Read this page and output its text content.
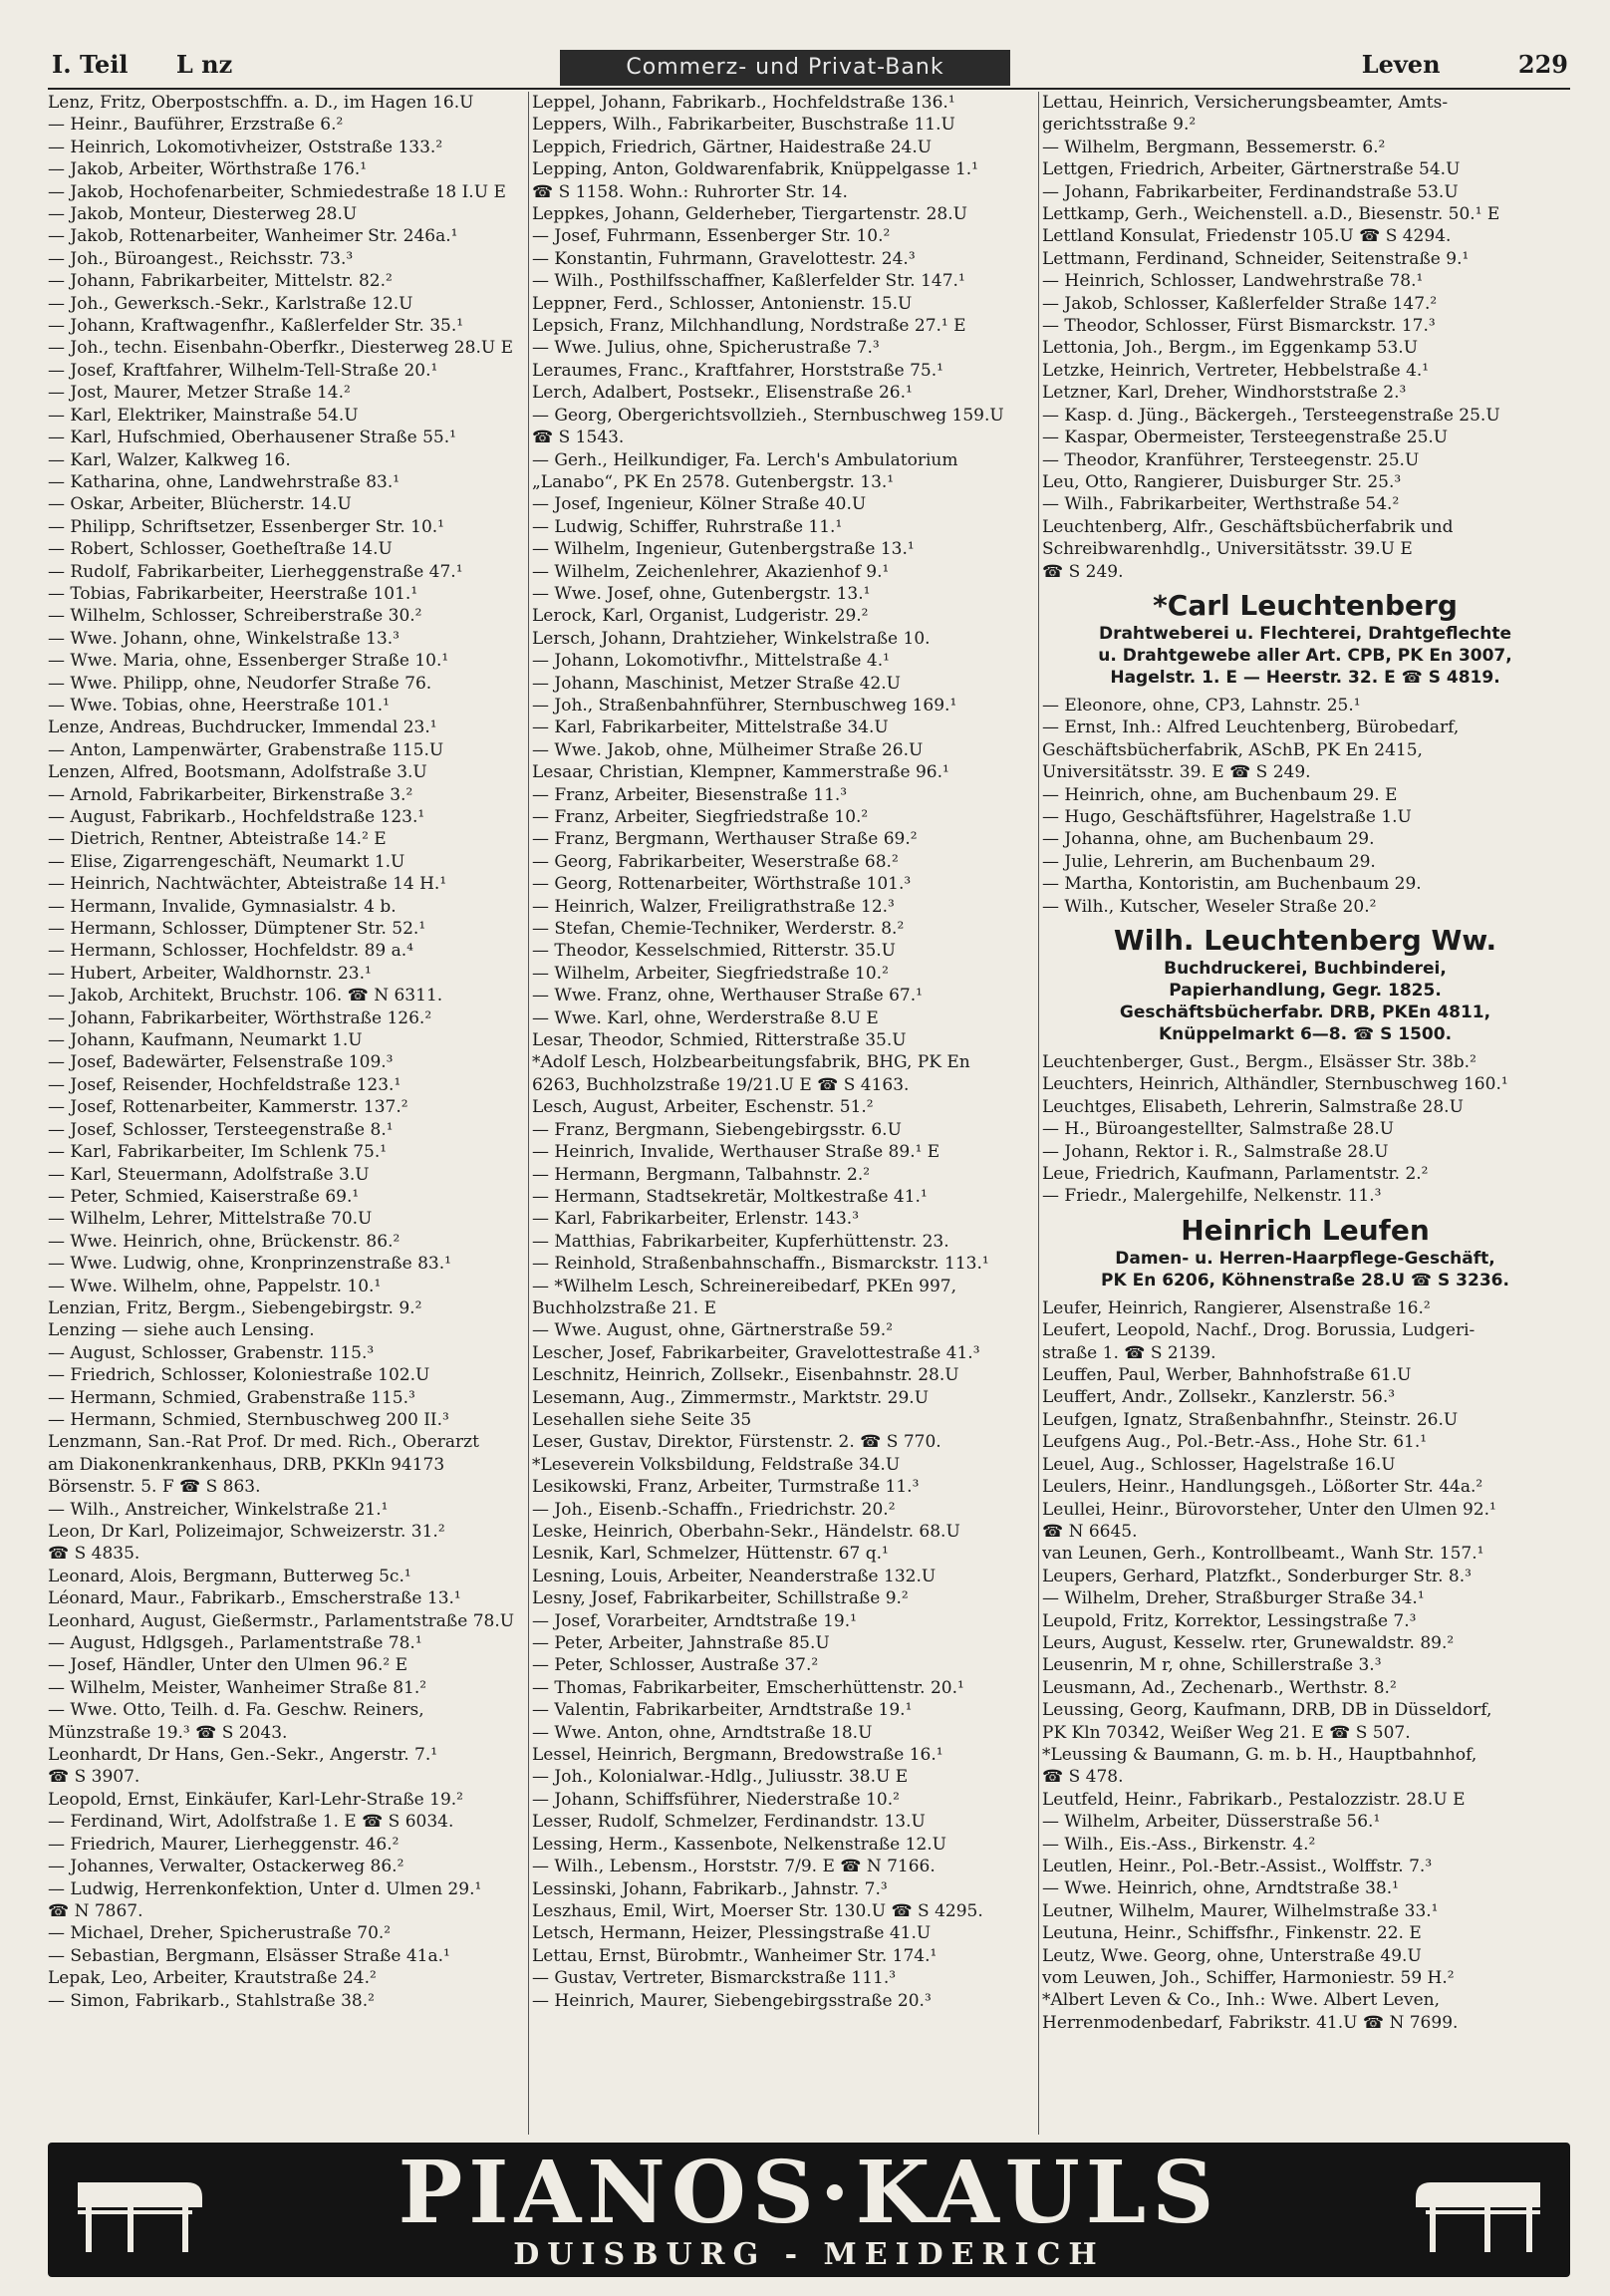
I. Teil L nz	Commerz- und Privat-Bank	Leven	229
Lenz, Fritz, Oberpostschffn. a. D., im Hagen 16.U
— Heinr., Bauführer, Erzstraße 6.²
— Heinrich, Lokomotivheizer, Oststraße 133.²
— Jakob, Arbeiter, Wörthstraße 176.¹
— Jakob, Hochofenarbeiter, Schmiedestraße 18 I.U E
— Jakob, Monteur, Diesterweg 28.U
— Jakob, Rottenarbeiter, Wanheimer Str. 246a.¹
— Joh., Büroangest., Reichsstr. 73.³
— Johann, Fabrikarbeiter, Mittelstr. 82.²
— Joh., Gewerksch.-Sekr., Karlstraße 12.U
— Johann, Kraftwagenfhr., Kaßlerfelder Str. 35.¹
— Joh., techn. Eisenbahn-Oberfkr., Diesterweg 28.U E
— Josef, Kraftfahrer, Wilhelm-Tell-Straße 20.¹
— Jost, Maurer, Metzer Straße 14.²
— Karl, Elektriker, Mainstraße 54.U
— Karl, Hufschmied, Oberhausener Straße 55.¹
— Karl, Walzer, Kalkweg 16.
— Katharina, ohne, Landwehrstraße 83.¹
— Oskar, Arbeiter, Blücherstr. 14.U
— Philipp, Schriftsetzer, Essenberger Str. 10.¹
— Robert, Schlosser, Goetheſtraße 14.U
— Rudolf, Fabrikarbeiter, Lierheggenstraße 47.¹
— Tobias, Fabrikarbeiter, Heerstraße 101.¹
— Wilhelm, Schlosser, Schreiberstraße 30.²
— Wwe. Johann, ohne, Winkelstraße 13.³
— Wwe. Maria, ohne, Essenberger Straße 10.¹
— Wwe. Philipp, ohne, Neudorfer Straße 76.
— Wwe. Tobias, ohne, Heerstraße 101.¹
Lenze, Andreas, Buchdrucker, Immendal 23.¹
— Anton, Lampenwärter, Grabenstraße 115.U
Lenzen, Alfred, Bootsmann, Adolfstraße 3.U
— Arnold, Fabrikarbeiter, Birkenstraße 3.²
— August, Fabrikarb., Hochfeldstraße 123.¹
— Dietrich, Rentner, Abteistraße 14.² E
— Elise, Zigarrengeschäft, Neumarkt 1.U
— Heinrich, Nachtwächter, Abteistraße 14 H.¹
— Hermann, Invalide, Gymnasialstr. 4 b.
— Hermann, Schlosser, Dümptener Str. 52.¹
— Hermann, Schlosser, Hochfeldstr. 89 a.⁴
— Hubert, Arbeiter, Waldhornstr. 23.¹
— Jakob, Architekt, Bruchstr. 106. ☎ N 6311.
— Johann, Fabrikarbeiter, Wörthstraße 126.²
— Johann, Kaufmann, Neumarkt 1.U
— Josef, Badewärter, Felsenstraße 109.³
— Josef, Reisender, Hochfeldstraße 123.¹
— Josef, Rottenarbeiter, Kammerstr. 137.²
— Josef, Schlosser, Tersteegenstraße 8.¹
— Karl, Fabrikarbeiter, Im Schlenk 75.¹
— Karl, Steuermann, Adolfstraße 3.U
— Peter, Schmied, Kaiserstraße 69.¹
— Wilhelm, Lehrer, Mittelstraße 70.U
— Wwe. Heinrich, ohne, Brückenstr. 86.²
— Wwe. Ludwig, ohne, Kronprinzenstraße 83.¹
— Wwe. Wilhelm, ohne, Pappelstr. 10.¹
Lenzian, Fritz, Bergm., Siebengebirgstr. 9.²
Lenzing — siehe auch Lensing.
— August, Schlosser, Grabenstr. 115.³
— Friedrich, Schlosser, Koloniestraße 102.U
— Hermann, Schmied, Grabenstraße 115.³
— Hermann, Schmied, Sternbuschweg 200 II.³
Lenzmann, San.-Rat Prof. Dr med. Rich., Oberarzt
am Diakonenkrankenhaus, DRB, PKKln 94173
Börsenstr. 5. F ☎ S 863.
— Wilh., Anstreicher, Winkelstraße 21.¹
Leon, Dr Karl, Polizeimajor, Schweizerstr. 31.²
☎ S 4835.
Leonard, Alois, Bergmann, Butterweg 5c.¹
Léonard, Maur., Fabrikarb., Emscherstraße 13.¹
Leonhard, August, Gießermstr., Parlamentstraße 78.U
— August, Hdlgsgeh., Parlamentstraße 78.¹
— Josef, Händler, Unter den Ulmen 96.² E
— Wilhelm, Meister, Wanheimer Straße 81.²
— Wwe. Otto, Teilh. d. Fa. Geschw. Reiners,
Münzstraße 19.³ ☎ S 2043.
Leonhardt, Dr Hans, Gen.-Sekr., Angerstr. 7.¹
☎ S 3907.
Leopold, Ernst, Einkäufer, Karl-Lehr-Straße 19.²
— Ferdinand, Wirt, Adolfstraße 1. E ☎ S 6034.
— Friedrich, Maurer, Lierheggenstr. 46.²
— Johannes, Verwalter, Ostackerweg 86.²
— Ludwig, Herrenkonfektion, Unter d. Ulmen 29.¹
☎ N 7867.
— Michael, Dreher, Spicherustraße 70.²
— Sebastian, Bergmann, Elsässer Straße 41a.¹
Lepak, Leo, Arbeiter, Krautstraße 24.²
— Simon, Fabrikarb., Stahlstraße 38.²
Leppel, Johann, Fabrikarb., Hochfeldstraße 136.¹
Leppers, Wilh., Fabrikarbeiter, Buschstraße 11.U
Leppich, Friedrich, Gärtner, Haidestraße 24.U
Lepping, Anton, Goldwarenfabrik, Knüppelgasse 1.¹
☎ S 1158. Wohn.: Ruhrorter Str. 14.
Leppkes, Johann, Gelderheber, Tiergartenstr. 28.U
— Josef, Fuhrmann, Essenberger Str. 10.²
— Konstantin, Fuhrmann, Gravelottestr. 24.³
— Wilh., Posthilfsschaffner, Kaßlerfelder Str. 147.¹
Leppner, Ferd., Schlosser, Antonienstr. 15.U
Lepsich, Franz, Milchhandlung, Nordstraße 27.¹ E
— Wwe. Julius, ohne, Spicherustraße 7.³
Leraumes, Franc., Kraftfahrer, Horststraße 75.¹
Lerch, Adalbert, Postsekr., Elisenstraße 26.¹
— Georg, Obergerichtsvollzieh., Sternbuschweg 159.U
☎ S 1543.
— Gerh., Heilkundiger, Fa. Lerch's Ambulatorium
„Lanabo“, PK En 2578. Gutenbergstr. 13.¹
— Josef, Ingenieur, Kölner Straße 40.U
— Ludwig, Schiffer, Ruhrstraße 11.¹
— Wilhelm, Ingenieur, Gutenbergstraße 13.¹
— Wilhelm, Zeichenlehrer, Akazienhof 9.¹
— Wwe. Josef, ohne, Gutenbergstr. 13.¹
Lerock, Karl, Organist, Ludgeristr. 29.²
Lersch, Johann, Drahtzieher, Winkelstraße 10.
— Johann, Lokomotivfhr., Mittelstraße 4.¹
— Johann, Maschinist, Metzer Straße 42.U
— Joh., Straßenbahnführer, Sternbuschweg 169.¹
— Karl, Fabrikarbeiter, Mittelstraße 34.U
— Wwe. Jakob, ohne, Mülheimer Straße 26.U
Lesaar, Christian, Klempner, Kammerstraße 96.¹
— Franz, Arbeiter, Biesenstraße 11.³
— Franz, Arbeiter, Siegfriedstraße 10.²
— Franz, Bergmann, Werthauser Straße 69.²
— Georg, Fabrikarbeiter, Weserstraße 68.²
— Georg, Rottenarbeiter, Wörthstraße 101.³
— Heinrich, Walzer, Freiligrathstraße 12.³
— Stefan, Chemie-Techniker, Werderstr. 8.²
— Theodor, Kesselschmied, Ritterstr. 35.U
— Wilhelm, Arbeiter, Siegfriedstraße 10.²
— Wwe. Franz, ohne, Werthauser Straße 67.¹
— Wwe. Karl, ohne, Werderstraße 8.U E
Lesar, Theodor, Schmied, Ritterstraße 35.U
*Adolf Lesch, Holzbearbeitungsfabrik, BHG, PK En
6263, Buchholzstraße 19/21.U E ☎ S 4163.
Lesch, August, Arbeiter, Eschenstr. 51.²
— Franz, Bergmann, Siebengebirgsstr. 6.U
— Heinrich, Invalide, Werthauser Straße 89.¹ E
— Hermann, Bergmann, Talbahnstr. 2.²
— Hermann, Stadtsekretär, Moltkestraße 41.¹
— Karl, Fabrikarbeiter, Erlenstr. 143.³
— Matthias, Fabrikarbeiter, Kupferhüttenstr. 23.
— Reinhold, Straßenbahnschaffn., Bismarckstr. 113.¹
— *Wilhelm Lesch, Schreinereibedarf, PKEn 997,
Buchholzstraße 21. E
— Wwe. August, ohne, Gärtnerstraße 59.²
Lescher, Josef, Fabrikarbeiter, Gravelottestraße 41.³
Leschnitz, Heinrich, Zollsekr., Eisenbahnstr. 28.U
Lesemann, Aug., Zimmermstr., Marktstr. 29.U
Lesehallen siehe Seite 35
Leser, Gustav, Direktor, Fürstenstr. 2. ☎ S 770.
*Leseverein Volksbildung, Feldstraße 34.U
Lesikowski, Franz, Arbeiter, Turmstraße 11.³
— Joh., Eisenb.-Schaffn., Friedrichstr. 20.²
Leske, Heinrich, Oberbahn-Sekr., Händelstr. 68.U
Lesnik, Karl, Schmelzer, Hüttenstr. 67 q.¹
Lesning, Louis, Arbeiter, Neanderstraße 132.U
Lesny, Josef, Fabrikarbeiter, Schillstraße 9.²
— Josef, Vorarbeiter, Arndtstraße 19.¹
— Peter, Arbeiter, Jahnstraße 85.U
— Peter, Schlosser, Austraße 37.²
— Thomas, Fabrikarbeiter, Emscherhüttenstr. 20.¹
— Valentin, Fabrikarbeiter, Arndtstraße 19.¹
— Wwe. Anton, ohne, Arndtstraße 18.U
Lessel, Heinrich, Bergmann, Bredowstraße 16.¹
— Joh., Kolonialwar.-Hdlg., Juliusstr. 38.U E
— Johann, Schiffsführer, Niederstraße 10.²
Lesser, Rudolf, Schmelzer, Ferdinandstr. 13.U
Lessing, Herm., Kassenbote, Nelkenstraße 12.U
— Wilh., Lebensm., Horststr. 7/9. E ☎ N 7166.
Lessinski, Johann, Fabrikarb., Jahnstr. 7.³
Leszhaus, Emil, Wirt, Moerser Str. 130.U ☎ S 4295.
Letsch, Hermann, Heizer, Plessingstraße 41.U
Lettau, Ernst, Bürobmtr., Wanheimer Str. 174.¹
— Gustav, Vertreter, Bismarckstraße 111.³
— Heinrich, Maurer, Siebengebirgsstraße 20.³
Lettau, Heinrich, Versicherungsbeamter, Amts-
gerichtsstraße 9.²
— Wilhelm, Bergmann, Bessemerstr. 6.²
Lettgen, Friedrich, Arbeiter, Gärtnerstraße 54.U
— Johann, Fabrikarbeiter, Ferdinandstraße 53.U
Lettkamp, Gerh., Weichenstell. a.D., Biesenstr. 50.¹ E
Lettland Konsulat, Friedenstr 105.U ☎ S 4294.
Lettmann, Ferdinand, Schneider, Seitenstraße 9.¹
— Heinrich, Schlosser, Landwehrstraße 78.¹
— Jakob, Schlosser, Kaßlerfelder Straße 147.²
— Theodor, Schlosser, Fürst Bismarckstr. 17.³
Lettonia, Joh., Bergm., im Eggenkamp 53.U
Letzke, Heinrich, Vertreter, Hebbelstraße 4.¹
Letzner, Karl, Dreher, Windhorststraße 2.³
— Kasp. d. Jüng., Bäckergeh., Tersteegenstraße 25.U
— Kaspar, Obermeister, Tersteegenstraße 25.U
— Theodor, Kranführer, Tersteegenstr. 25.U
Leu, Otto, Rangierer, Duisburger Str. 25.³
— Wilh., Fabrikarbeiter, Werthstraße 54.²
Leuchtenberg, Alfr., Geschäftsbücherfabrik und
Schreibwarenhdlg., Universitätsstr. 39.U E
☎ S 249.
*Carl Leuchtenberg
Drahtweberei u. Flechterei, Drahtgeflechte
u. Drahtgewebe aller Art. CPB, PK En 3007,
Hagelstr. 1. E — Heerstr. 32. E ☎ S 4819.
— Eleonore, ohne, CP3, Lahnstr. 25.¹
— Ernst, Inh.: Alfred Leuchtenberg, Bürobedarf,
Geschäftsbücherfabrik, ASchB, PK En 2415,
Universitätsstr. 39. E ☎ S 249.
— Heinrich, ohne, am Buchenbaum 29. E
— Hugo, Geschäftsführer, Hagelstraße 1.U
— Johanna, ohne, am Buchenbaum 29.
— Julie, Lehrerin, am Buchenbaum 29.
— Martha, Kontoristin, am Buchenbaum 29.
— Wilh., Kutscher, Weseler Straße 20.²
Wilh. Leuchtenberg Ww.
Buchdruckerei, Buchbinderei,
Papierhandlung, Gegr. 1825.
Geschäftsbücherfabr. DRB, PKEn 4811,
Knüppelmarkt 6—8. ☎ S 1500.
Leuchtenberger, Gust., Bergm., Elsässer Str. 38b.²
Leuchters, Heinrich, Althändler, Sternbuschweg 160.¹
Leuchtges, Elisabeth, Lehrerin, Salmstraße 28.U
— H., Büroangestellter, Salmstraße 28.U
— Johann, Rektor i. R., Salmstraße 28.U
Leue, Friedrich, Kaufmann, Parlamentstr. 2.²
— Friedr., Malergehilfe, Nelkenstr. 11.³
Heinrich Leufen
Damen- u. Herren-Haarpflege-Geschäft,
PK En 6206, Köhnenstraße 28.U ☎ S 3236.
Leufer, Heinrich, Rangierer, Alsenstraße 16.²
Leufert, Leopold, Nachf., Drog. Borussia, Ludgeri-
straße 1. ☎ S 2139.
Leuffen, Paul, Werber, Bahnhofstraße 61.U
Leuffert, Andr., Zollsekr., Kanzlerstr. 56.³
Leufgen, Ignatz, Straßenbahnfhr., Steinstr. 26.U
Leufgens Aug., Pol.-Betr.-Ass., Hohe Str. 61.¹
Leuel, Aug., Schlosser, Hagelstraße 16.U
Leulers, Heinr., Handlungsgeh., Lößorter Str. 44a.²
Leullei, Heinr., Bürovorsteher, Unter den Ulmen 92.¹
☎ N 6645.
van Leunen, Gerh., Kontrollbeamt., Wanh Str. 157.¹
Leupers, Gerhard, Platzfkt., Sonderburger Str. 8.³
— Wilhelm, Dreher, Straßburger Straße 34.¹
Leupold, Fritz, Korrektor, Lessingstraße 7.³
Leurs, August, Kesselw. rter, Grunewaldstr. 89.²
Leusenrin, M r, ohne, Schillerstraße 3.³
Leusmann, Ad., Zechenarb., Werthstr. 8.²
Leussing, Georg, Kaufmann, DRB, DB in Düsseldorf,
PK Kln 70342, Weißer Weg 21. E ☎ S 507.
*Leussing & Baumann, G. m. b. H., Hauptbahnhof,
☎ S 478.
Leutfeld, Heinr., Fabrikarb., Pestalozzistr. 28.U E
— Wilhelm, Arbeiter, Düsserstraße 56.¹
— Wilh., Eis.-Ass., Birkenstr. 4.²
Leutlen, Heinr., Pol.-Betr.-Assist., Wolffstr. 7.³
— Wwe. Heinrich, ohne, Arndtstraße 38.¹
Leutner, Wilhelm, Maurer, Wilhelmstraße 33.¹
Leutuna, Heinr., Schiffsfhr., Finkenstr. 22. E
Leutz, Wwe. Georg, ohne, Unterstraße 49.U
vom Leuwen, Joh., Schiffer, Harmoniestr. 59 H.²
*Albert Leven & Co., Inh.: Wwe. Albert Leven,
Herrenmodenbedarf, Fabrikstr. 41.U ☎ N 7699.
PIANOS·KAULS
DUISBURG - MEIDERICH
